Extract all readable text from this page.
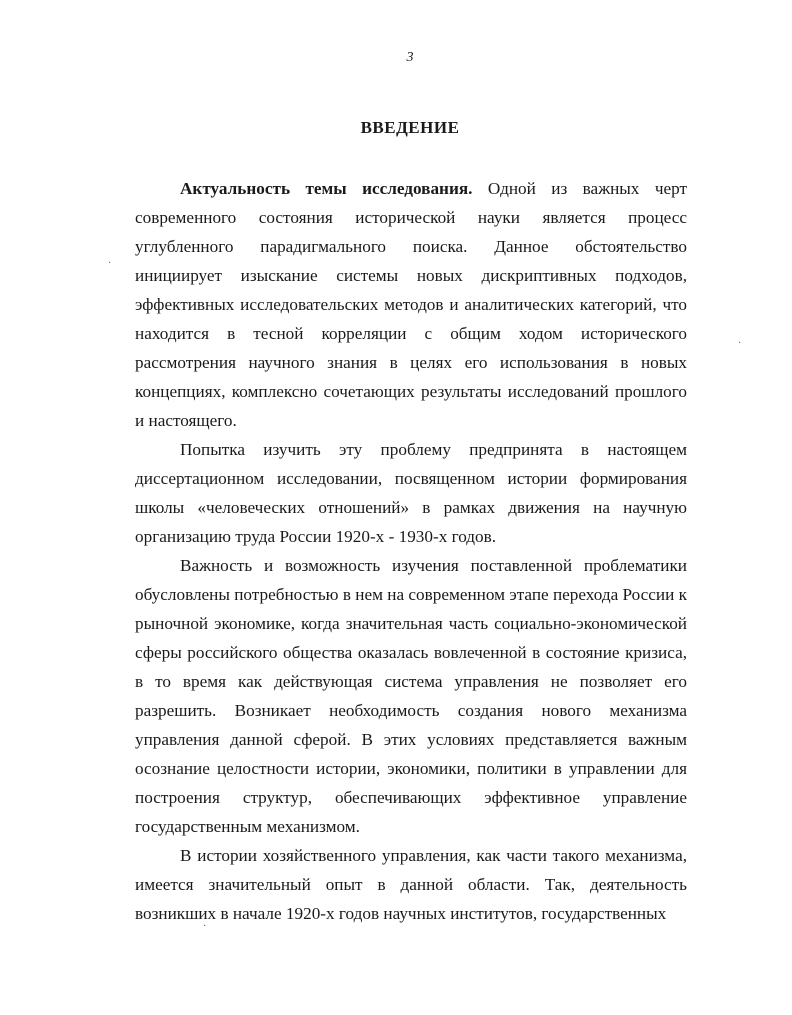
3
ВВЕДЕНИЕ

Актуальность темы исследования. Одной из важных черт современного состояния исторической науки является процесс углубленного парадигмального поиска. Данное обстоятельство инициирует изыскание системы новых дискриптивных подходов, эффективных исследовательских методов и аналитических категорий, что находится в тесной корреляции с общим ходом исторического рассмотрения научного знания в целях его использования в новых концепциях, комплексно сочетающих результаты исследований прошлого и настоящего.

Попытка изучить эту проблему предпринята в настоящем диссертационном исследовании, посвященном истории формирования школы «человеческих отношений» в рамках движения на научную организацию труда России 1920-х - 1930-х годов.

Важность и возможность изучения поставленной проблематики обусловлены потребностью в нем на современном этапе перехода России к рыночной экономике, когда значительная часть социально-экономической сферы российского общества оказалась вовлеченной в состояние кризиса, в то время как действующая система управления не позволяет его разрешить. Возникает необходимость создания нового механизма управления данной сферой. В этих условиях представляется важным осознание целостности истории, экономики, политики в управлении для построения структур, обеспечивающих эффективное управление государственным механизмом.

В истории хозяйственного управления, как части такого механизма, имеется значительный опыт в данной области. Так, деятельность возникших в начале 1920-х годов научных институтов, государственных

·
·
·
